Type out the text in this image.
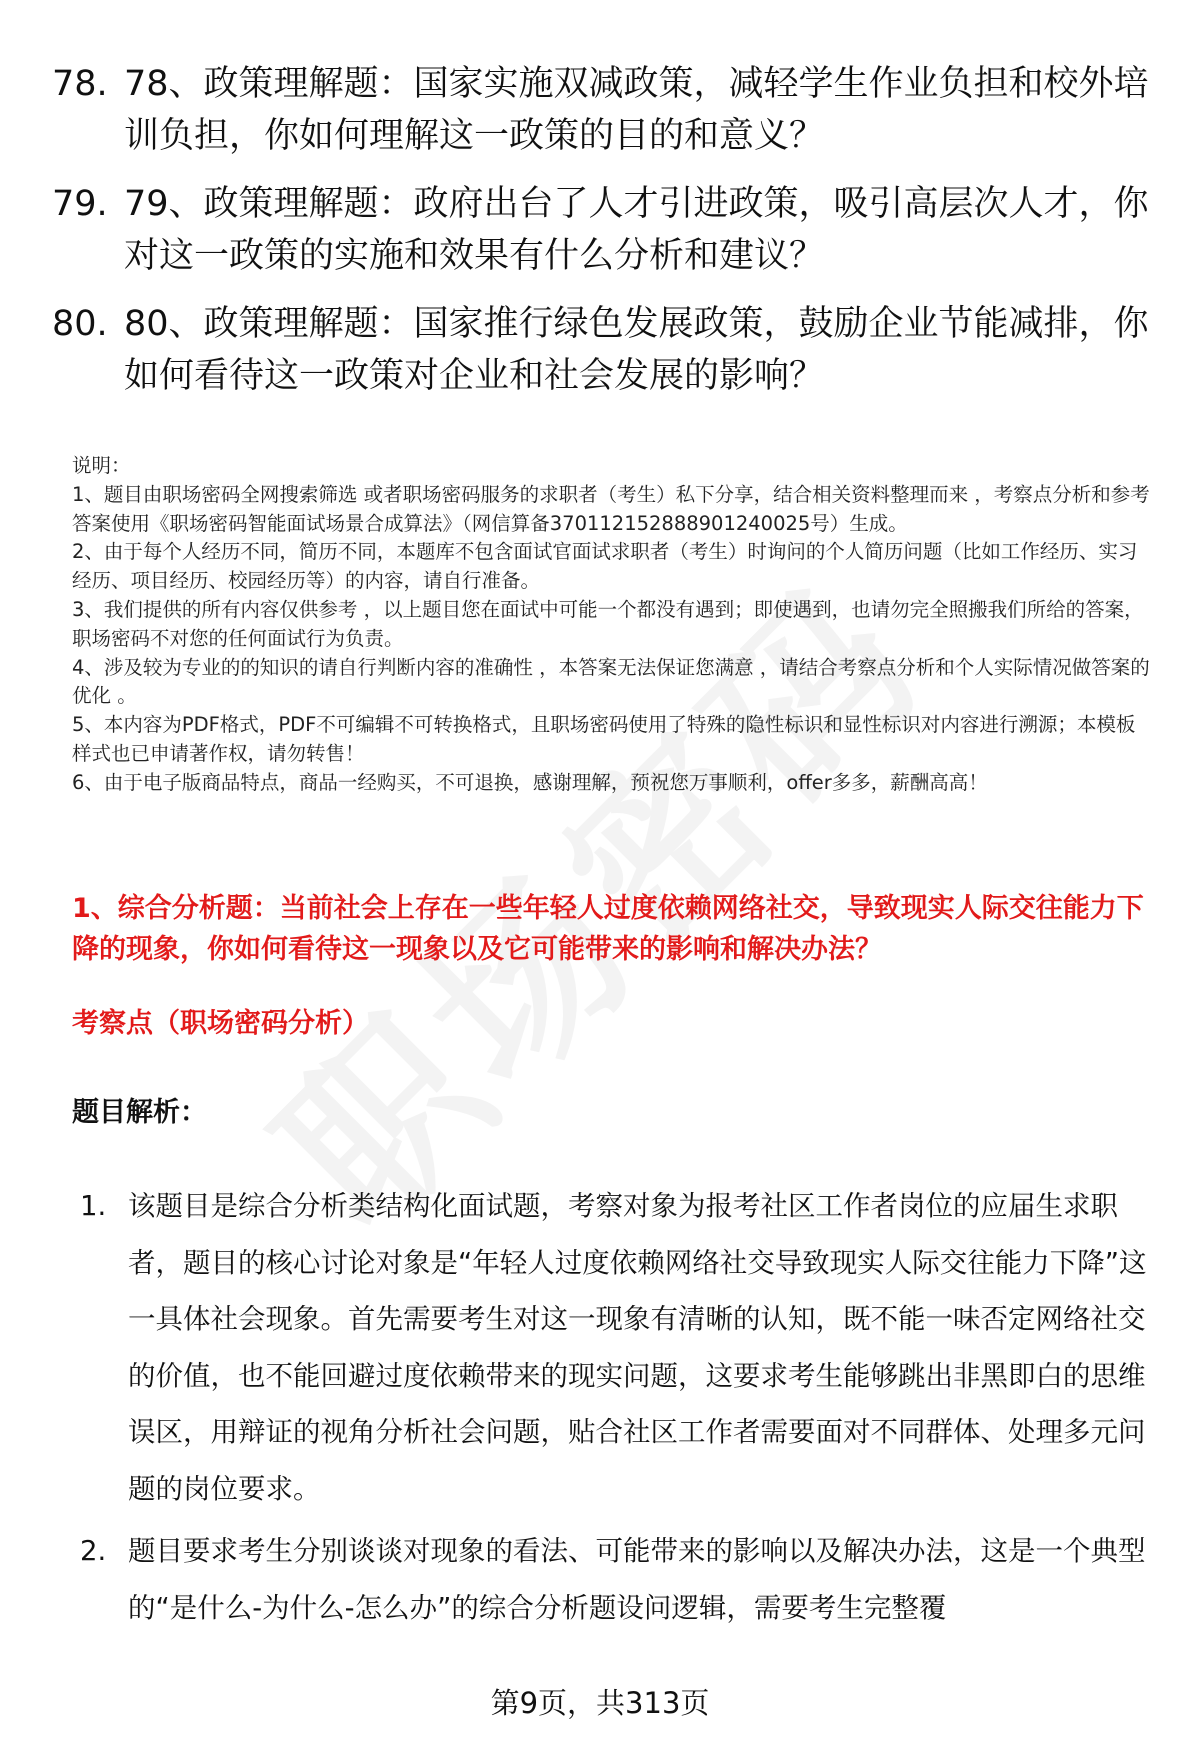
78. 78、政策理解题：国家实施双减政策，减轻学生作业负担和校外培训负担，你如何理解这一政策的目的和意义？
79. 79、政策理解题：政府出台了人才引进政策，吸引高层次人才，你对这一政策的实施和效果有什么分析和建议？
80. 80、政策理解题：国家推行绿色发展政策，鼓励企业节能减排，你如何看待这一政策对企业和社会发展的影响？

说明：

1、题目由职场密码全网搜索筛选 或者职场密码服务的求职者（考生）私下分享，结合相关资料整理而来 ，考察点分析和参考答案使用《职场密码智能面试场景合成算法》（网信算备370112152888901240025号）生成。

2、由于每个人经历不同，简历不同，本题库不包含面试官面试求职者（考生）时询问的个人简历问题（比如工作经历、实习经历、项目经历、校园经历等）的内容，请自行准备。

3、我们提供的所有内容仅供参考 ，以上题目您在面试中可能一个都没有遇到；即使遇到，也请勿完全照搬我们所给的答案，职场密码不对您的任何面试行为负责。

4、涉及较为专业的的知识的请自行判断内容的准确性 ，本答案无法保证您满意 ，请结合考察点分析和个人实际情况做答案的优化 。

5、本内容为PDF格式，PDF不可编辑不可转换格式，且职场密码使用了特殊的隐性标识和显性标识对内容进行溯源；本模板样式也已申请著作权，请勿转售！

6、由于电子版商品特点，商品一经购买，不可退换，感谢理解，预祝您万事顺利，offer多多，薪酬高高！

1、综合分析题：当前社会上存在一些年轻人过度依赖网络社交，导致现实人际交往能力下降的现象，你如何看待这一现象以及它可能带来的影响和解决办法？
考察点（职场密码分析）
题目解析：
1. 该题目是综合分析类结构化面试题，考察对象为报考社区工作者岗位的应届生求职者，题目的核心讨论对象是“年轻人过度依赖网络社交导致现实人际交往能力下降”这一具体社会现象。首先需要考生对这一现象有清晰的认知，既不能一味否定网络社交的价值，也不能回避过度依赖带来的现实问题，这要求考生能够跳出非黑即白的思维误区，用辩证的视角分析社会问题，贴合社区工作者需要面对不同群体、处理多元问题的岗位要求。
2. 题目要求考生分别谈谈对现象的看法、可能带来的影响以及解决办法，这是一个典型的“是什么-为什么-怎么办”的综合分析题设问逻辑，需要考生完整覆
第9页，共313页
